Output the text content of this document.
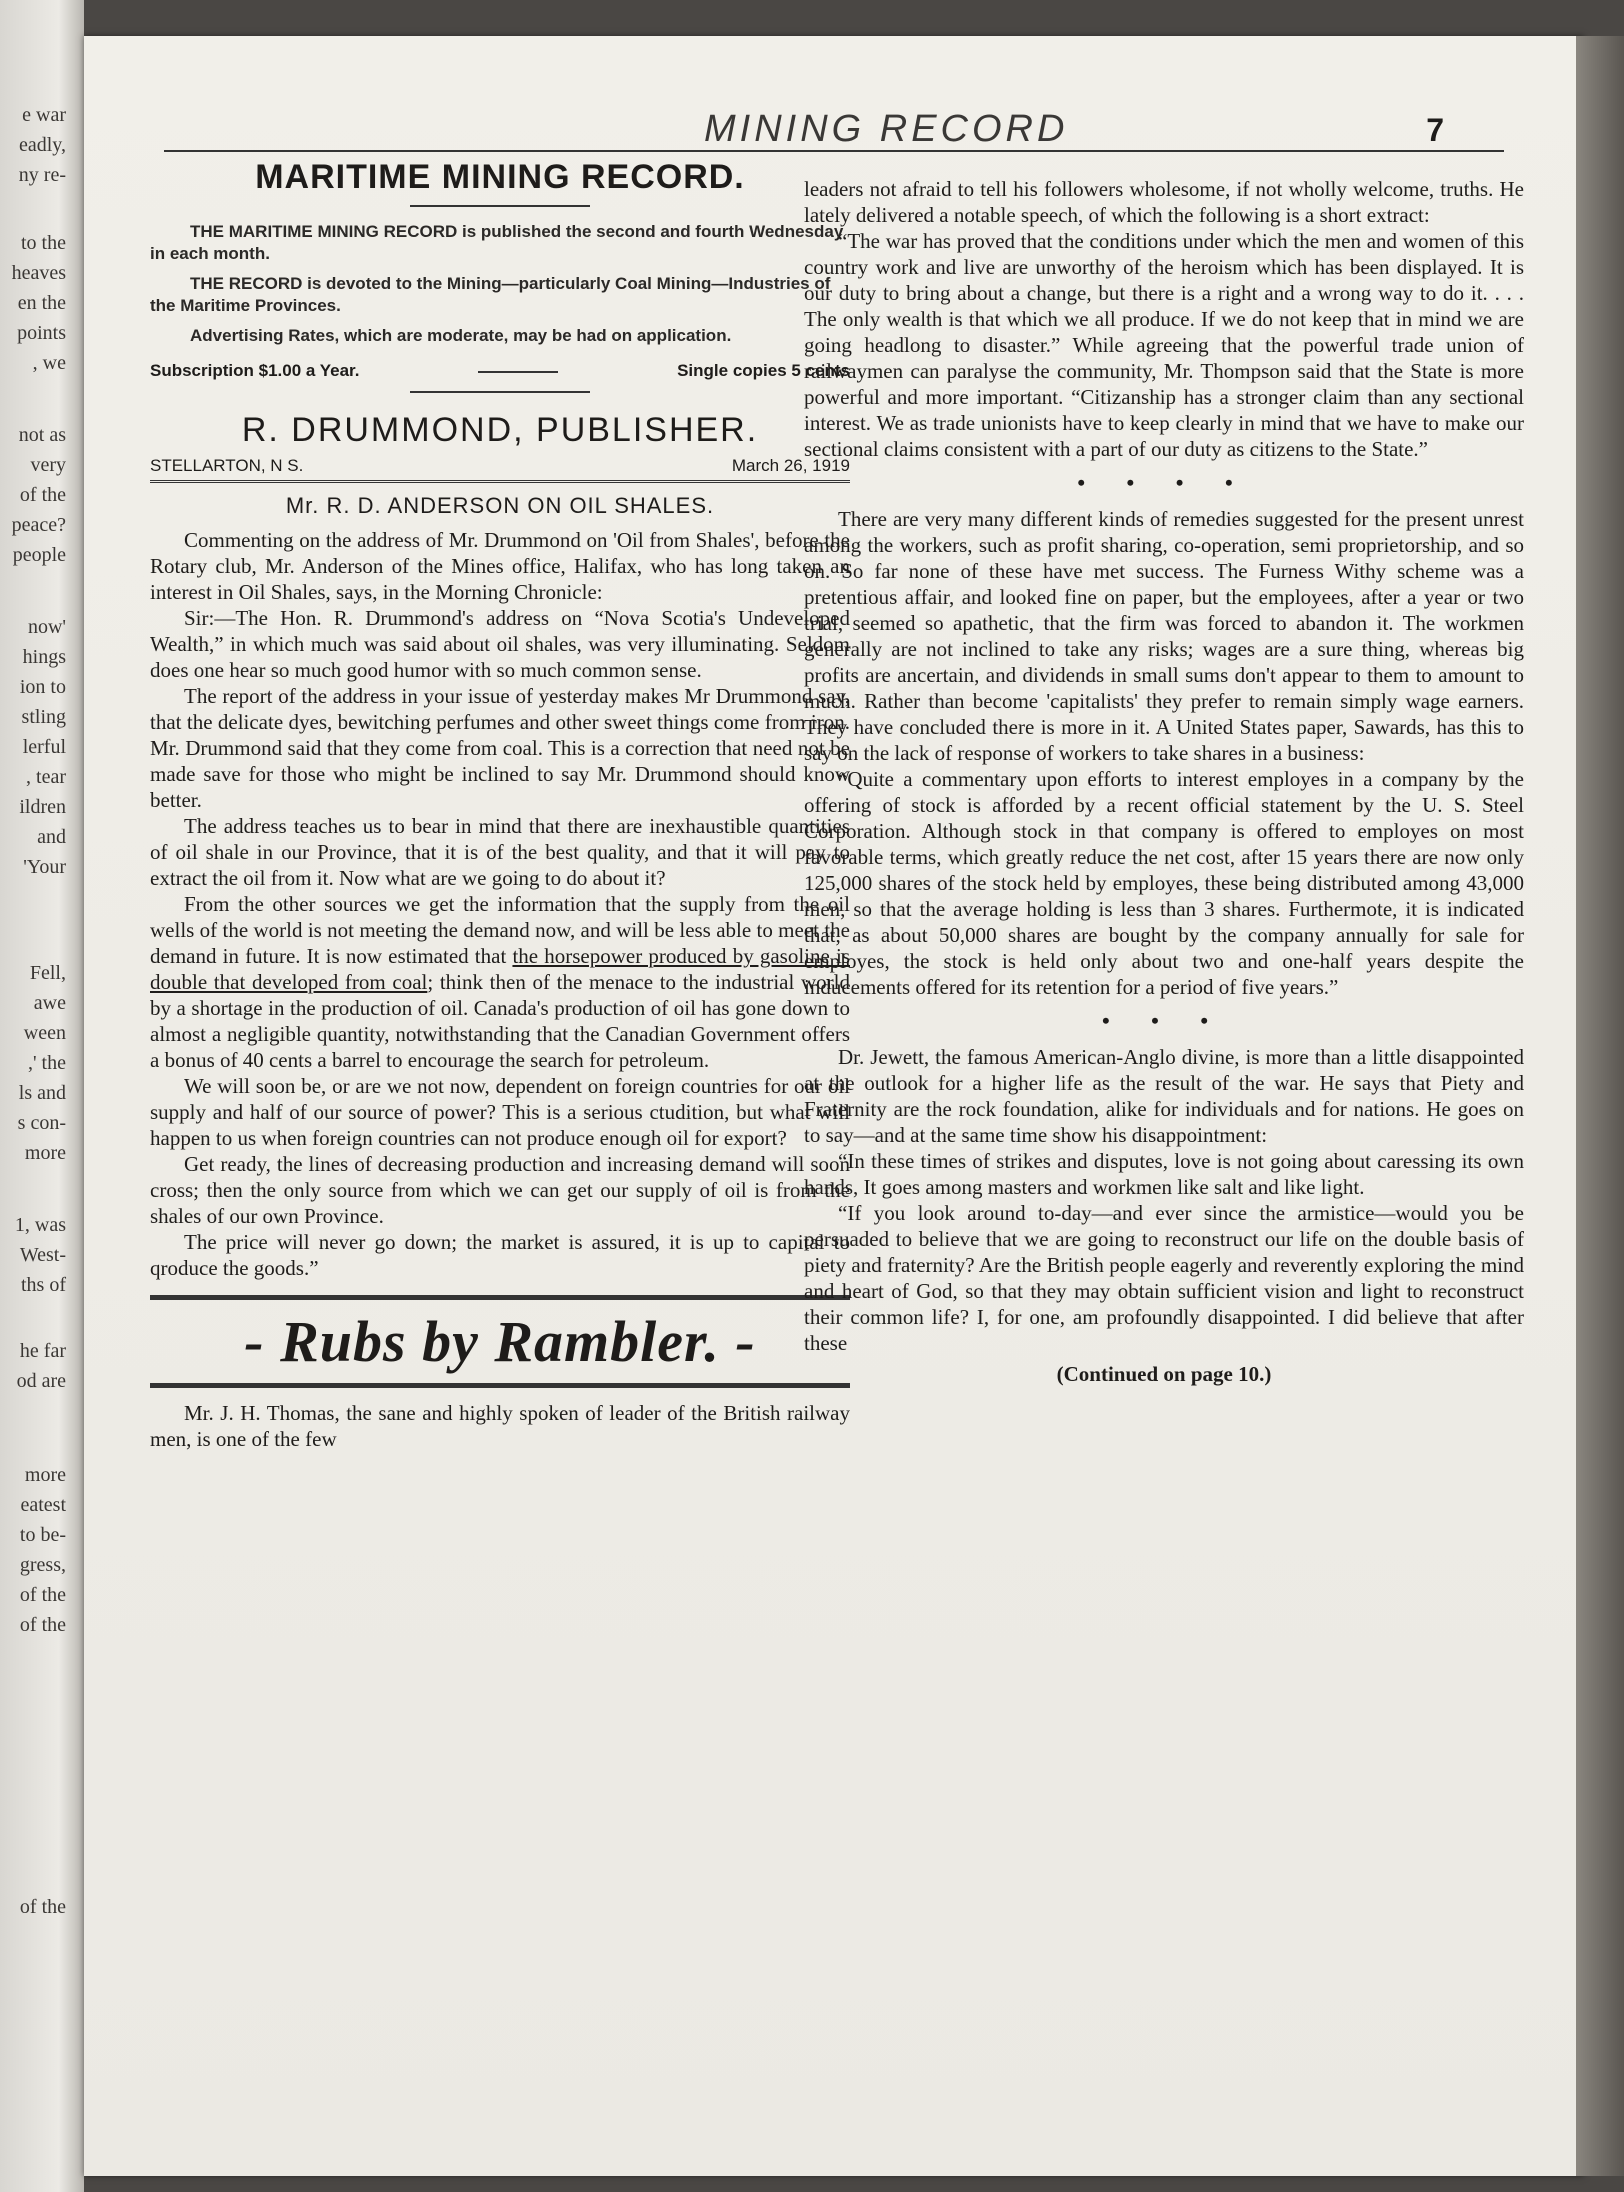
e war
eadly,
ny re-
to the
heaves
en the
points
, we
not as
very
of the
peace?
people
now'
hings
ion to
stling
lerful
, tear
ildren
and
'Your
Fell,
awe
ween
,' the
ls and
s con-
more
1, was
West-
ths of
he far
od are
more
eatest
to be-
gress,
of the
of the
of the
MINING RECORD	7
MARITIME MINING RECORD.

THE MARITIME MINING RECORD is published the second and fourth Wednesday in each month.

THE RECORD is devoted to the Mining—particularly Coal Mining—Industries of the Maritime Provinces.

Advertising Rates, which are moderate, may be had on application.

Subscription $1.00 a Year.	Single copies 5 cents
R. DRUMMOND, PUBLISHER.
STELLARTON, N S.	March 26, 1919
Mr. R. D. ANDERSON ON OIL SHALES.

Commenting on the address of Mr. Drummond on 'Oil from Shales', before the Rotary club, Mr. Anderson of the Mines office, Halifax, who has long taken an interest in Oil Shales, says, in the Morning Chronicle:

Sir:—The Hon. R. Drummond's address on “Nova Scotia's Undeveloped Wealth,” in which much was said about oil shales, was very illuminating. Seldom does one hear so much good humor with so much common sense.

The report of the address in your issue of yesterday makes Mr Drummond say, that the delicate dyes, bewitching perfumes and other sweet things come from iron. Mr. Drummond said that they come from coal. This is a correction that need not be made save for those who might be inclined to say Mr. Drummond should know better.

The address teaches us to bear in mind that there are inexhaustible quantities of oil shale in our Province, that it is of the best quality, and that it will pay to extract the oil from it. Now what are we going to do about it?

From the other sources we get the information that the supply from the oil wells of the world is not meeting the demand now, and will be less able to meet the demand in future. It is now estimated that the horsepower produced by gasoline is double that developed from coal; think then of the menace to the industrial world by a shortage in the production of oil. Canada's production of oil has gone down to almost a negligible quantity, notwithstanding that the Canadian Government offers a bonus of 40 cents a barrel to encourage the search for petroleum.

We will soon be, or are we not now, dependent on foreign countries for our oil supply and half of our source of power? This is a serious ctudition, but what will happen to us when foreign countries can not produce enough oil for export?

Get ready, the lines of decreasing production and increasing demand will soon cross; then the only source from which we can get our supply of oil is from the shales of our own Province.

The price will never go down; the market is assured, it is up to capital to qroduce the goods.”

- Rubs by Rambler. -

Mr. J. H. Thomas, the sane and highly spoken of leader of the British railway men, is one of the few

leaders not afraid to tell his followers wholesome, if not wholly welcome, truths. He lately delivered a notable speech, of which the following is a short extract:

“The war has proved that the conditions under which the men and women of this country work and live are unworthy of the heroism which has been displayed. It is our duty to bring about a change, but there is a right and a wrong way to do it. . . . The only wealth is that which we all produce. If we do not keep that in mind we are going headlong to disaster.” While agreeing that the powerful trade union of railwaymen can paralyse the community, Mr. Thompson said that the State is more powerful and more important. “Citizanship has a stronger claim than any sectional interest. We as trade unionists have to keep clearly in mind that we have to make our sectional claims consistent with a part of our duty as citizens to the State.”

• • • •

There are very many different kinds of remedies suggested for the present unrest among the workers, such as profit sharing, co-operation, semi proprietorship, and so on. So far none of these have met success. The Furness Withy scheme was a pretentious affair, and looked fine on paper, but the employees, after a year or two trial, seemed so apathetic, that the firm was forced to abandon it. The workmen generally are not inclined to take any risks; wages are a sure thing, whereas big profits are ancertain, and dividends in small sums don't appear to them to amount to much. Rather than become 'capitalists' they prefer to remain simply wage earners. They have concluded there is more in it. A United States paper, Sawards, has this to say on the lack of response of workers to take shares in a business:

“Quite a commentary upon efforts to interest employes in a company by the offering of stock is afforded by a recent official statement by the U. S. Steel Corporation. Although stock in that company is offered to employes on most favorable terms, which greatly reduce the net cost, after 15 years there are now only 125,000 shares of the stock held by employes, these being distributed among 43,000 men, so that the average holding is less than 3 shares. Furthermote, it is indicated that, as about 50,000 shares are bought by the company annually for sale for employes, the stock is held only about two and one-half years despite the inducements offered for its retention for a period of five years.”

• • •

Dr. Jewett, the famous American-Anglo divine, is more than a little disappointed at the outlook for a higher life as the result of the war. He says that Piety and Fraternity are the rock foundation, alike for individuals and for nations. He goes on to say—and at the same time show his disappointment:

“In these times of strikes and disputes, love is not going about caressing its own hands, It goes among masters and workmen like salt and like light.

“If you look around to-day—and ever since the armistice—would you be persuaded to believe that we are going to reconstruct our life on the double basis of piety and fraternity? Are the British people eagerly and reverently exploring the mind and heart of God, so that they may obtain sufficient vision and light to reconstruct their common life? I, for one, am profoundly disappointed. I did believe that after these

(Continued on page 10.)
